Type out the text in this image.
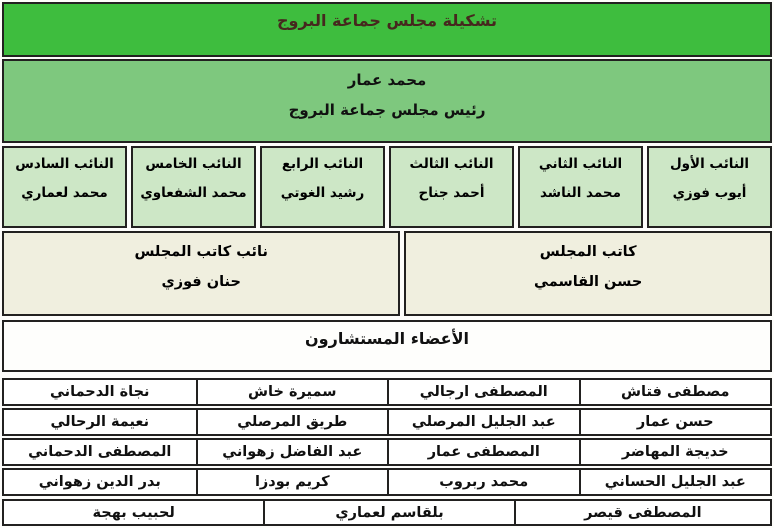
تشكيلة مجلس جماعة البروج
محمد عمار
رئيس مجلس جماعة البروج
النائب الأول
أيوب فوزي
النائب الثاني
محمد الناشد
النائب الثالث
أحمد جناح
النائب الرابع
رشيد الغوتي
النائب الخامس
محمد الشفعاوي
النائب السادس
محمد لعماري
كاتب المجلس
حسن القاسمي
نائب كاتب المجلس
حنان فوزي
الأعضاء المستشارون
مصطفى فتاش
المصطفى ارجالي
سميرة خاش
نجاة الدحماني
حسن عمار
عبد الجليل المرصلي
طريق المرصلي
نعيمة الرحالي
خديجة المهاضر
المصطفى عمار
عبد الفاضل زهواني
المصطفى الدحماني
عبد الجليل الحساني
محمد ربروب
كريم بودزا
بدر الدين زهواني
المصطفى قيصر
بلقاسم لعماري
لحبيب بهجة
